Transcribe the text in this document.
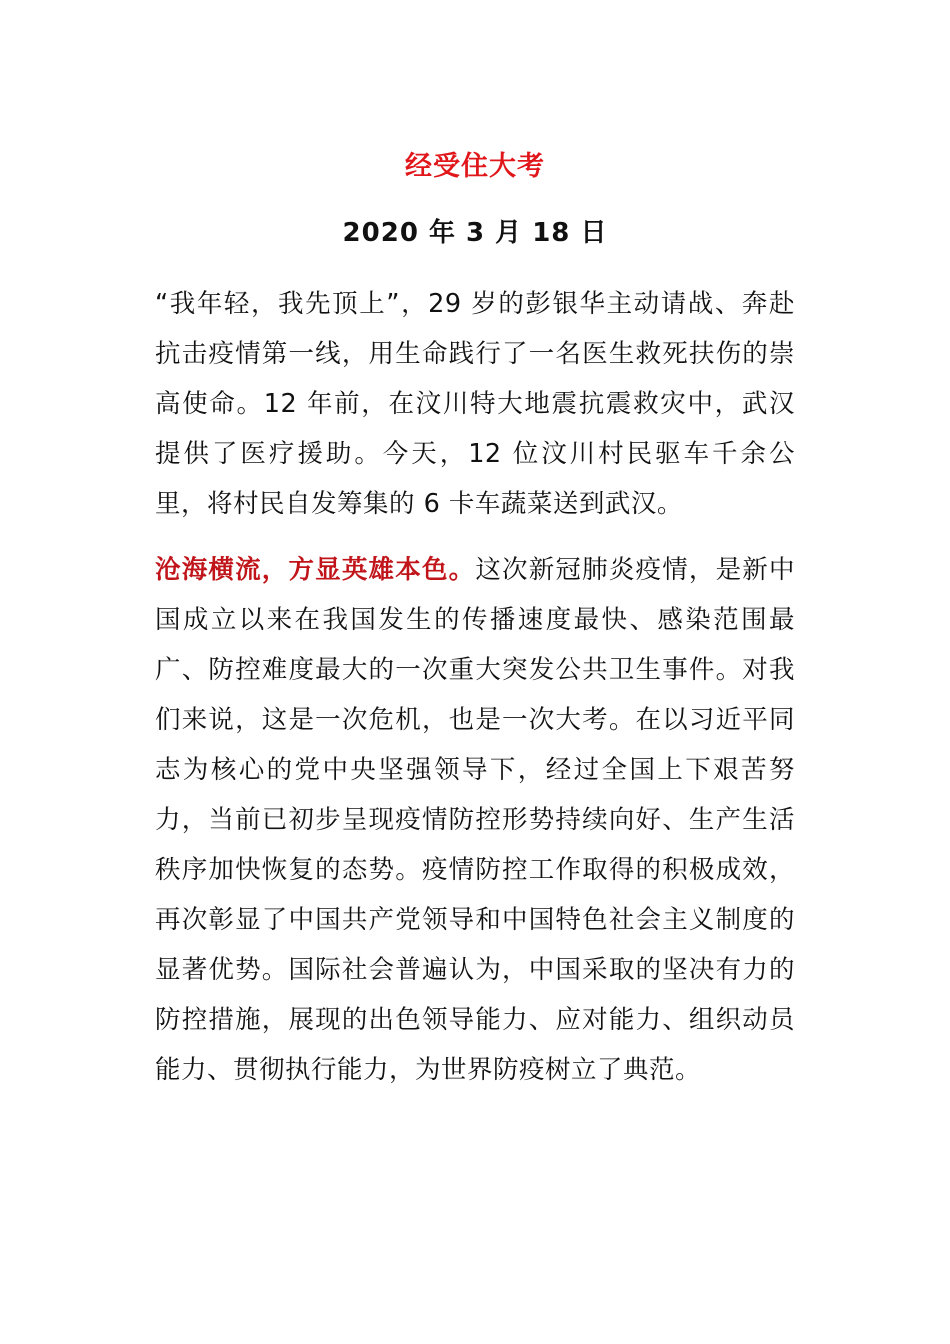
经受住大考
2020 年 3 月 18 日
“我年轻，我先顶上”，29 岁的彭银华主动请战、奔赴抗击疫情第一线，用生命践行了一名医生救死扶伤的崇高使命。12 年前，在汶川特大地震抗震救灾中，武汉提供了医疗援助。今天，12 位汶川村民驱车千余公里，将村民自发筹集的 6 卡车蔬菜送到武汉。
沧海横流，方显英雄本色。这次新冠肺炎疫情，是新中国成立以来在我国发生的传播速度最快、感染范围最广、防控难度最大的一次重大突发公共卫生事件。对我们来说，这是一次危机，也是一次大考。在以习近平同志为核心的党中央坚强领导下，经过全国上下艰苦努力，当前已初步呈现疫情防控形势持续向好、生产生活秩序加快恢复的态势。疫情防控工作取得的积极成效，再次彰显了中国共产党领导和中国特色社会主义制度的显著优势。国际社会普遍认为，中国采取的坚决有力的防控措施，展现的出色领导能力、应对能力、组织动员能力、贯彻执行能力，为世界防疫树立了典范。
